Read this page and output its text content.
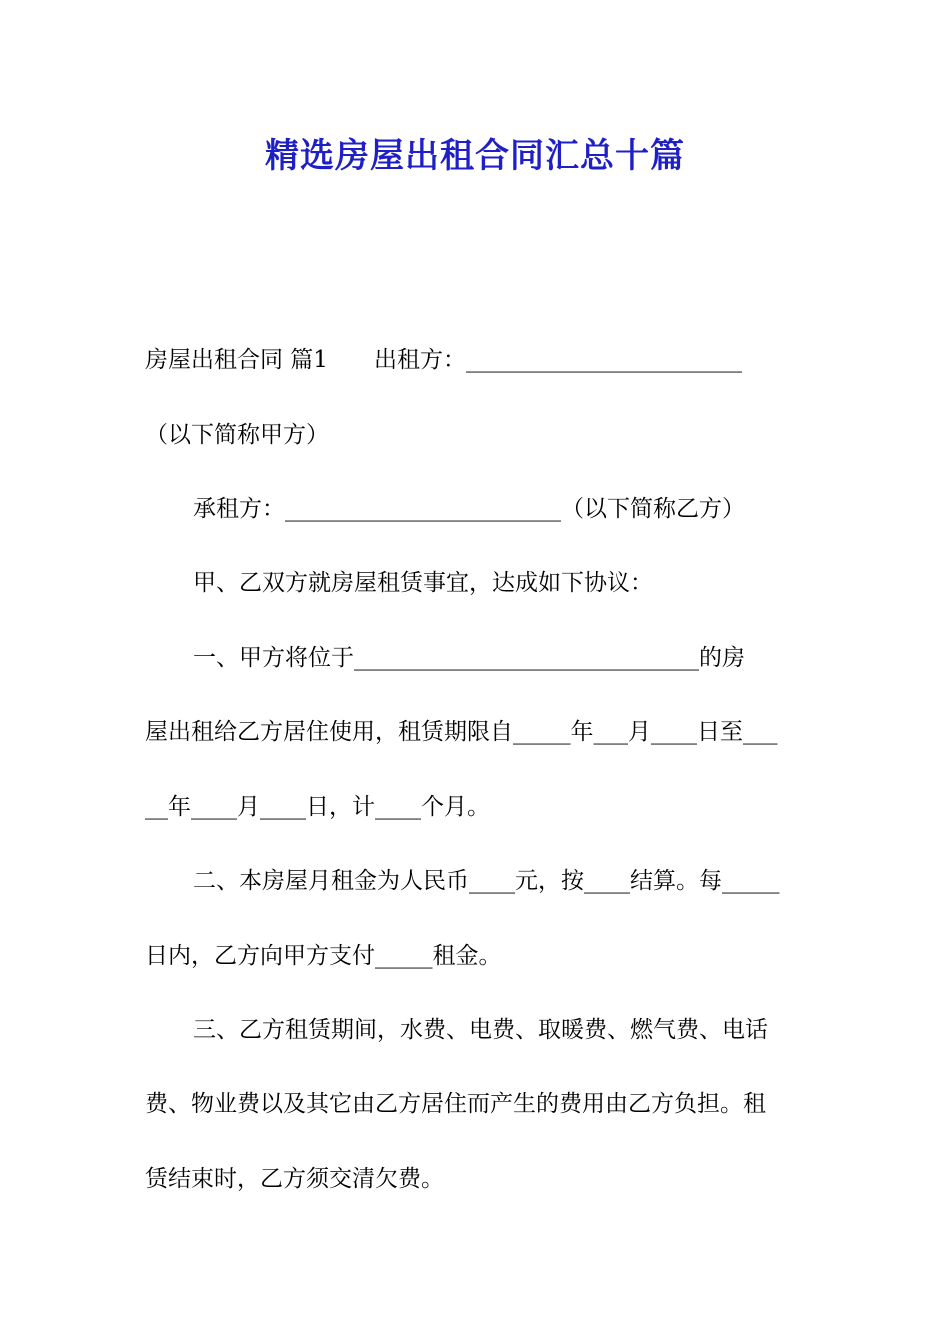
精选房屋出租合同汇总十篇
房屋出租合同 篇1　　出租方：________________________
（以下简称甲方）
承租方：________________________（以下简称乙方）
甲、乙双方就房屋租赁事宜，达成如下协议：
一、甲方将位于______________________________的房
屋出租给乙方居住使用，租赁期限自_____年___月____日至___
__年____月____日，计____个月。
二、本房屋月租金为人民币____元，按____结算。每_____
日内，乙方向甲方支付_____租金。
三、乙方租赁期间，水费、电费、取暖费、燃气费、电话
费、物业费以及其它由乙方居住而产生的费用由乙方负担。租
赁结束时，乙方须交清欠费。
